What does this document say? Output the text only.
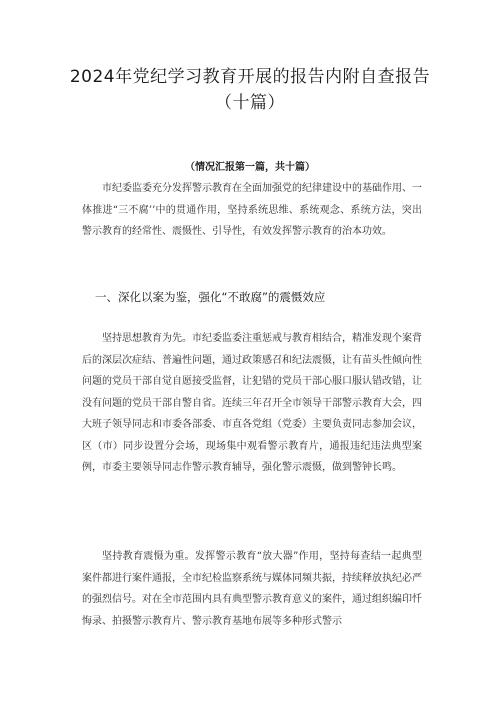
2024年党纪学习教育开展的报告内附自查报告（十篇）
（情况汇报第一篇，共十篇）
市纪委监委充分发挥警示教育在全面加强党的纪律建设中的基础作用、一体推进“三不腐’’中的贯通作用，坚持系统思维、系统观念、系统方法，突出警示教育的经常性、震慑性、引导性，有效发挥警示教育的治本功效。
一、深化以案为鉴，强化“不敢腐”的震慑效应
坚持思想教育为先。市纪委监委注重惩戒与教育相结合，精准发现个案背后的深层次症结、普遍性问题，通过政策感召和纪法震慑，让有苗头性倾向性问题的党员干部自觉自愿接受监督，让犯错的党员干部心服口服认错改错，让没有问题的党员干部自警自省。连续三年召开全市领导干部警示教育大会，四大班子领导同志和市委各部委、市直各党组（党委）主要负责同志参加会议，区（市）同步设置分会场，现场集中观看警示教育片，通报违纪违法典型案例，市委主要领导同志作警示教育辅导，强化警示震慑，做到警钟长鸣。
坚持教育震慑为重。发挥警示教育“放大器”作用，坚持每查结一起典型案件都进行案件通报，全市纪检监察系统与媒体同频共振，持续释放执纪必严的强烈信号。对在全市范围内具有典型警示教育意义的案件，通过组织编印忏悔录、拍摄警示教育片、警示教育基地布展等多种形式警示
